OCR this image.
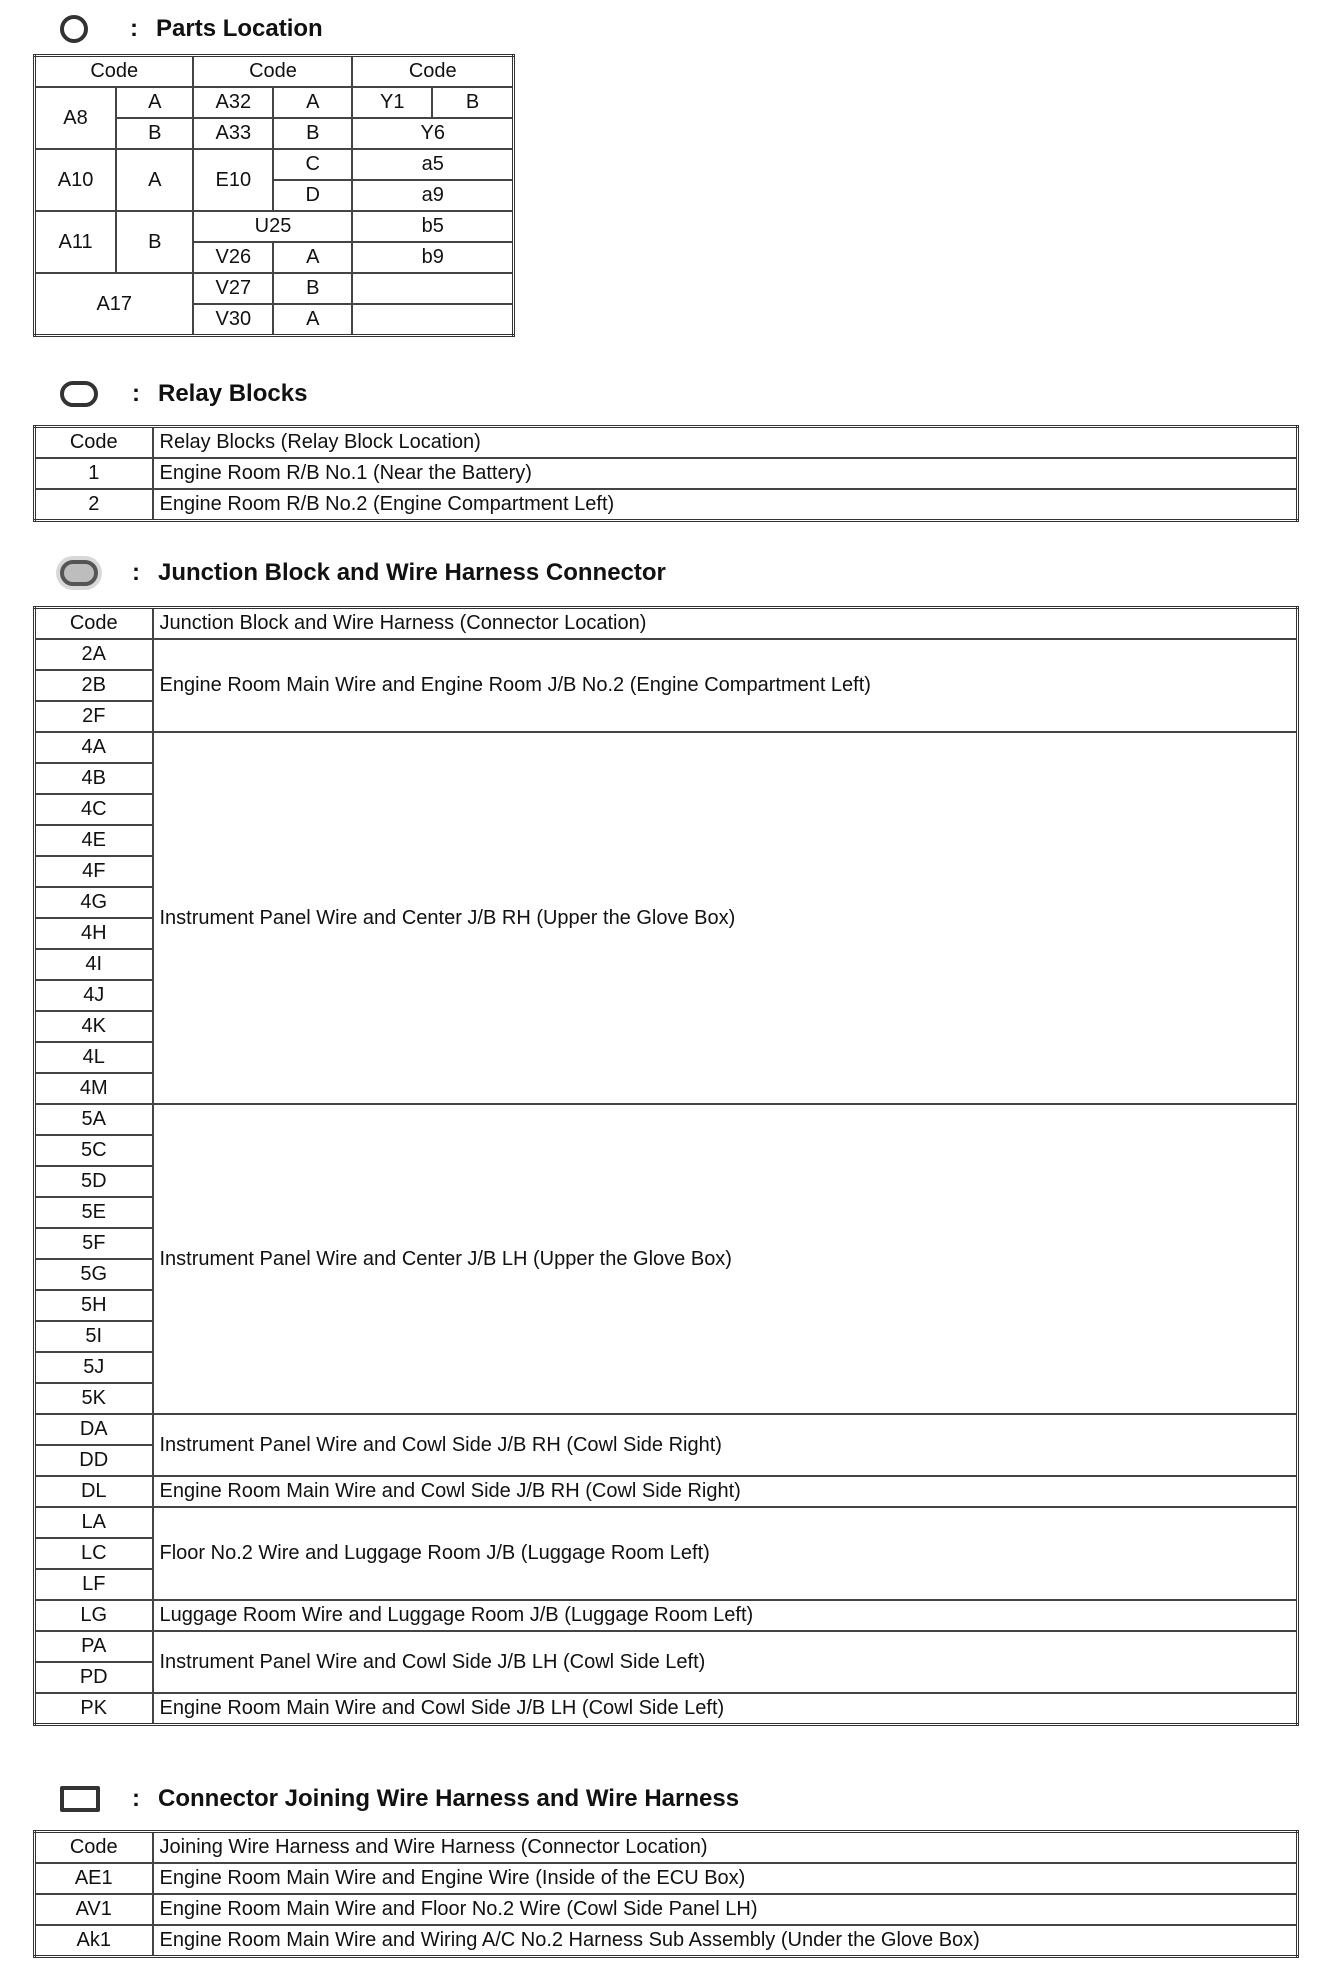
: Parts Location
Code		Code		Code	
A8	A	A32	A	Y1	B
	B	A33	B	Y6	
A10	A	E10	C	a5	
			D	a9	
A11	B	U25		b5	
		V26	A	b9	
A17		V27	B		
		V30	A		
: Relay Blocks
Code	Relay Blocks (Relay Block Location)
1	Engine Room R/B No.1 (Near the Battery)
2	Engine Room R/B No.2 (Engine Compartment Left)
: Junction Block and Wire Harness Connector
Code	Junction Block and Wire Harness (Connector Location)
2A	Engine Room Main Wire and Engine Room J/B No.2 (Engine Compartment Left)
2B	
2F	
4A	Instrument Panel Wire and Center J/B RH (Upper the Glove Box)
4B	
4C	
4E	
4F	
4G	
4H	
4I	
4J	
4K	
4L	
4M	
5A	Instrument Panel Wire and Center J/B LH (Upper the Glove Box)
5C	
5D	
5E	
5F	
5G	
5H	
5I	
5J	
5K	
DA	Instrument Panel Wire and Cowl Side J/B RH (Cowl Side Right)
DD	
DL	Engine Room Main Wire and Cowl Side J/B RH (Cowl Side Right)
LA	Floor No.2 Wire and Luggage Room J/B (Luggage Room Left)
LC	
LF	
LG	Luggage Room Wire and Luggage Room J/B (Luggage Room Left)
PA	Instrument Panel Wire and Cowl Side J/B LH (Cowl Side Left)
PD	
PK	Engine Room Main Wire and Cowl Side J/B LH (Cowl Side Left)
: Connector Joining Wire Harness and Wire Harness
Code	Joining Wire Harness and Wire Harness (Connector Location)
AE1	Engine Room Main Wire and Engine Wire (Inside of the ECU Box)
AV1	Engine Room Main Wire and Floor No.2 Wire (Cowl Side Panel LH)
Ak1	Engine Room Main Wire and Wiring A/C No.2 Harness Sub Assembly (Under the Glove Box)
